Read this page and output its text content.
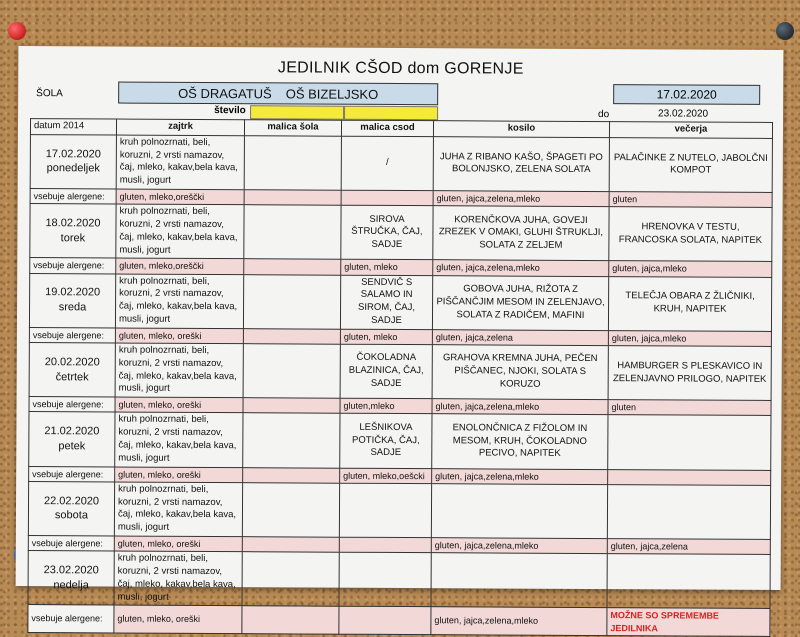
JEDILNIK CŠOD dom GORENJE
ŠOLA	OŠ DRAGATUŠ OŠ BIZELJSKO	17.02.2020
do	23.02.2020
število
datum 2014	zajtrk	malica šola	malica csod	kosilo	večerja

17.02.2020
ponedeljek	kruh polnozrnati, beli, koruzni, 2 vrsti namazov, čaj, mleko, kakav,bela kava, musli, jogurt		/	JUHA Z RIBANO KAŠO, ŠPAGETI PO BOLONJSKO, ZELENA SOLATA	PALAČINKE Z NUTELO, JABOLČNI KOMPOT
vsebuje alergene:	gluten, mleko,oreščki			gluten, jajca,zelena,mleko	gluten

18.02.2020
torek	kruh polnozrnati, beli, koruzni, 2 vrsti namazov, čaj, mleko, kakav,bela kava, musli, jogurt		SIROVA ŠTRUČKA, ČAJ, SADJE	KORENČKOVA JUHA, GOVEJI ZREZEK V OMAKI, GLUHI ŠTRUKLJI, SOLATA Z ZELJEM	HRENOVKA V TESTU, FRANCOSKA SOLATA, NAPITEK
vsebuje alergene:	gluten, mleko,oreščki		gluten, mleko	gluten, jajca,zelena,mleko	gluten, jajca,mleko

19.02.2020
sreda	kruh polnozrnati, beli, koruzni, 2 vrsti namazov, čaj, mleko, kakav,bela kava, musli, jogurt		SENDVIČ S SALAMO IN SIROM, ČAJ, SADJE	GOBOVA JUHA, RIŽOTA Z PIŠČANČJIM MESOM IN ZELENJAVO, SOLATA Z RADIČEM, MAFINI	TELEČJA OBARA Z ŽLIČNIKI, KRUH, NAPITEK
vsebuje alergene:	gluten, mleko, oreški		gluten, mleko	gluten, jajca,zelena	gluten, jajca,mleko

20.02.2020
četrtek	kruh polnozrnati, beli, koruzni, 2 vrsti namazov, čaj, mleko, kakav,bela kava, musli, jogurt		ČOKOLADNA BLAZINICA, ČAJ, SADJE	GRAHOVA KREMNA JUHA, PEČEN PIŠČANEC, NJOKI, SOLATA S KORUZO	HAMBURGER S PLESKAVICO IN ZELENJAVNO PRILOGO, NAPITEK
vsebuje alergene:	gluten, mleko, oreški		gluten,mleko	gluten, jajca,zelena,mleko	gluten

21.02.2020
petek	kruh polnozrnati, beli, koruzni, 2 vrsti namazov, čaj, mleko, kakav,bela kava, musli, jogurt		LEŠNIKOVA POTIČKA, ČAJ, SADJE	ENOLONČNICA Z FIŽOLOM IN MESOM, KRUH, ČOKOLADNO PECIVO, NAPITEK	
vsebuje alergene:	gluten, mleko, oreški		gluten, mleko,oešcki	gluten, jajca,zelena,mleko	

22.02.2020
sobota	kruh polnozrnati, beli, koruzni, 2 vrsti namazov, čaj, mleko, kakav,bela kava, musli, jogurt				
vsebuje alergene:	gluten, mleko, oreški			gluten, jajca,zelena,mleko	gluten, jajca,zelena

23.02.2020
nedelja	kruh polnozrnati, beli, koruzni, 2 vrsti namazov, čaj, mleko, kakav,bela kava, musli, jogurt				
vsebuje alergene:	gluten, mleko, oreški			gluten, jajca,zelena,mleko	MOŽNE SO SPREMEMBE JEDILNIKA
